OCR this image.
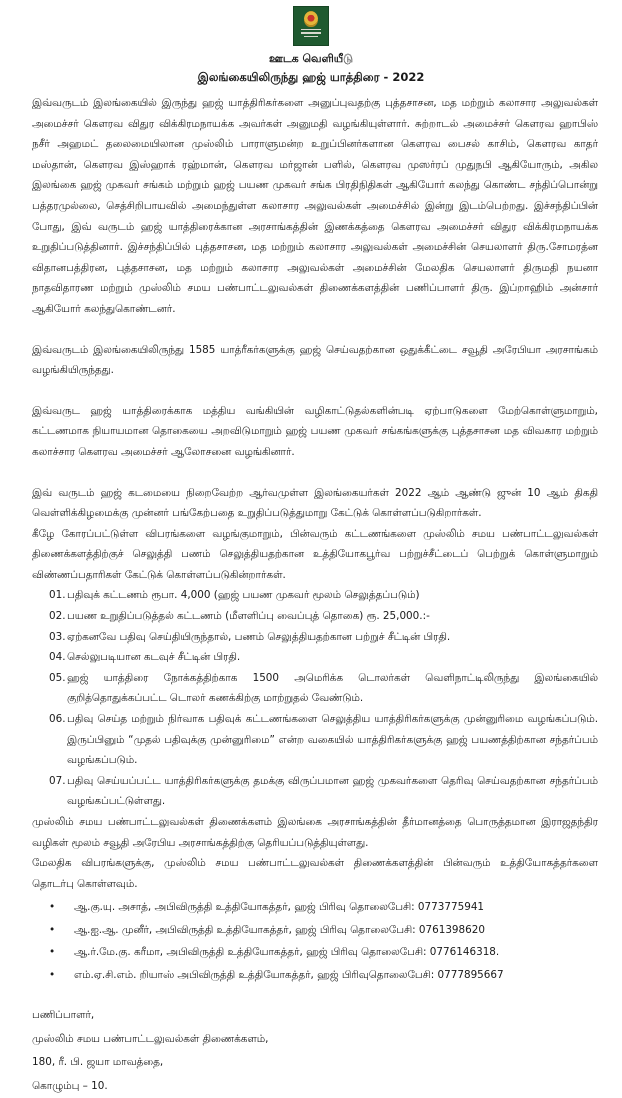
ஊடக வெளியீடு
இலங்கையிலிருந்து ஹஜ் யாத்திரை - 2022

இவ்வருடம் இலங்கையில் இருந்து ஹஜ் யாத்திரிகர்களை அனுப்புவதற்கு புத்தசாசன, மத மற்றும் கலாசார அலுவல்கள் அமைச்சர் கௌரவ விதுர விக்கிரமநாயக்க அவர்கள் அனுமதி வழங்கியுள்ளார். சுற்றாடல் அமைச்சர் கௌரவ ஹாபிஸ் நசீர் அஹமட் தலைமையிலான முஸ்லிம் பாராளுமன்ற உறுப்பினர்களான கௌரவ பைசல் காசிம், கௌரவ காதர் மஸ்தான், கௌரவ இஸ்ஹாக் ரஹ்மான், கௌரவ மர்ஜான் பளில், கௌரவ முஸர்ரப் முதுநபி ஆகியோரும், அகில இலங்கை ஹஜ் முகவர் சங்கம் மற்றும் ஹஜ் பயண முகவர் சங்க பிரதிநிதிகள் ஆகியோர் கலந்து கொண்ட சந்திப்பொன்று பத்தரமுல்லை, செத்சிறிபாயவில் அமைந்துள்ள கலாசார அலுவல்கள் அமைச்சில் இன்று இடம்பெற்றது. இச்சந்திப்பின் போது, இவ் வருடம் ஹஜ் யாத்திரைக்கான அரசாங்கத்தின் இணக்கத்தை கௌரவ அமைச்சர் விதுர விக்கிரமநாயக்க உறுதிப்படுத்தினார். இச்சந்திப்பில் புத்தசாசன, மத மற்றும் கலாசார அலுவல்கள் அமைச்சின் செயலாளர் திரு.சோமரத்ன விதானபத்திரன, புத்தசாசன, மத மற்றும் கலாசார அலுவல்கள் அமைச்சின் மேலதிக செயலாளர் திருமதி நயனா நாதவிதாரண மற்றும் முஸ்லிம் சமய பண்பாட்டலுவல்கள் திணைக்களத்தின் பணிப்பாளர் திரு. இப்றாஹிம் அன்சார் ஆகியோர் கலந்துகொண்டனர்.

இவ்வருடம் இலங்கையிலிருந்து 1585 யாத்ரீகர்களுக்கு ஹஜ் செய்வதற்கான ஒதுக்கீட்டை சவூதி அரேபியா அரசாங்கம் வழங்கியிருந்தது.

இவ்வருட ஹஜ் யாத்திரைக்காக மத்திய வங்கியின் வழிகாட்டுதல்களின்படி ஏற்பாடுகளை மேற்கொள்ளுமாறும், கட்டணமாக நியாயமான தொகையை அறவிடுமாறும் ஹஜ் பயண முகவர் சங்கங்களுக்கு புத்தசாசன மத விவகார மற்றும் கலாச்சார கௌரவ அமைச்சர் ஆலோசனை வழங்கினார்.

இவ் வருடம் ஹஜ் கடமையை நிறைவேற்ற ஆர்வமுள்ள இலங்கையர்கள் 2022 ஆம் ஆண்டு ஜுன் 10 ஆம் திகதி வெள்ளிக்கிழமைக்கு முன்னர் பங்கேற்பதை உறுதிப்படுத்துமாறு கேட்டுக் கொள்ளப்படுகிறார்கள்.

கீழே கோரப்பட்டுள்ள விபரங்களை வழங்குமாறும், பின்வரும் கட்டணங்களை முஸ்லிம் சமய பண்பாட்டலுவல்கள் திணைக்களத்திற்குச் செலுத்தி பணம் செலுத்தியதற்கான உத்தியோகபூர்வ பற்றுச்சீட்டைப் பெற்றுக் கொள்ளுமாறும் விண்ணப்பதாரிகள் கேட்டுக் கொள்ளப்படுகின்றார்கள்.

01. பதிவுக் கட்டணம் ரூபா. 4,000 (ஹஜ் பயண முகவர் மூலம் செலுத்தப்படும்)
02. பயண உறுதிப்படுத்தல் கட்டணம் (மீளளிப்பு வைப்புத் தொகை) ரூ. 25,000.:-
03. ஏற்கனவே பதிவு செய்தியிருந்தால், பணம் செலுத்தியதற்கான பற்றுச் சீட்டின் பிரதி.
04. செல்லுபடியான கடவுச் சீட்டின் பிரதி.
05. ஹஜ் யாத்திரை நோக்கத்திற்காக 1500 அமெரிக்க டொலர்கள் வெளிநாட்டிலிருந்து இலங்கையில் குறித்தொதுக்கப்பட்ட டொலர் கணக்கிற்கு மாற்றுதல் வேண்டும்.
06. பதிவு செய்த மற்றும் நிர்வாக பதிவுக் கட்டணங்களை செலுத்திய யாத்திரிகர்களுக்கு முன்னுரிமை வழங்கப்படும். இருப்பினும் “முதல் பதிவுக்கு முன்னுரிமை” என்ற வகையில் யாத்திரிகர்களுக்கு ஹஜ் பயணத்திற்கான சந்தர்ப்பம் வழங்கப்படும்.
07. பதிவு செய்யப்பட்ட யாத்திரிகர்களுக்கு தமக்கு விருப்பமான ஹஜ் முகவர்களை தெரிவு செய்வதற்கான சந்தர்ப்பம் வழங்கப்பட்டுள்ளது.

முஸ்லிம் சமய பண்பாட்டலுவல்கள் திணைக்களம் இலங்கை அரசாங்கத்தின் தீர்மானத்தை பொருத்தமான இராஜதந்திர வழிகள் மூலம் சவூதி அரேபிய அரசாங்கத்திற்கு தெரியப்படுத்தியுள்ளது.

மேலதிக விபரங்களுக்கு, முஸ்லிம் சமய பண்பாட்டலுவல்கள் திணைக்களத்தின் பின்வரும் உத்தியோகத்தர்களை தொடர்பு கொள்ளவும்.

•	ஆ.கு.யு. அசாத், அபிவிருத்தி உத்தியோகத்தர், ஹஜ் பிரிவு தொலைபேசி: 0773775941
•	ஆ.ஐ.ஆ. முனீர், அபிவிருத்தி உத்தியோகத்தர், ஹஜ் பிரிவு தொலைபேசி: 0761398620
•	ஆ.ர்.மே.கு. கரீமா, அபிவிருத்தி உத்தியோகத்தர், ஹஜ் பிரிவு தொலைபேசி: 0776146318.
•	எம்.ஏ.சி.எம். றியாஸ் அபிவிருத்தி உத்தியோகத்தர், ஹஜ் பிரிவுதொலைபேசி: 0777895667
பணிப்பாளர்,
முஸ்லிம் சமய பண்பாட்டலுவல்கள் திணைக்களம்,
180, ரீ. பி. ஜயா மாவத்தை,
கொழும்பு – 10.
